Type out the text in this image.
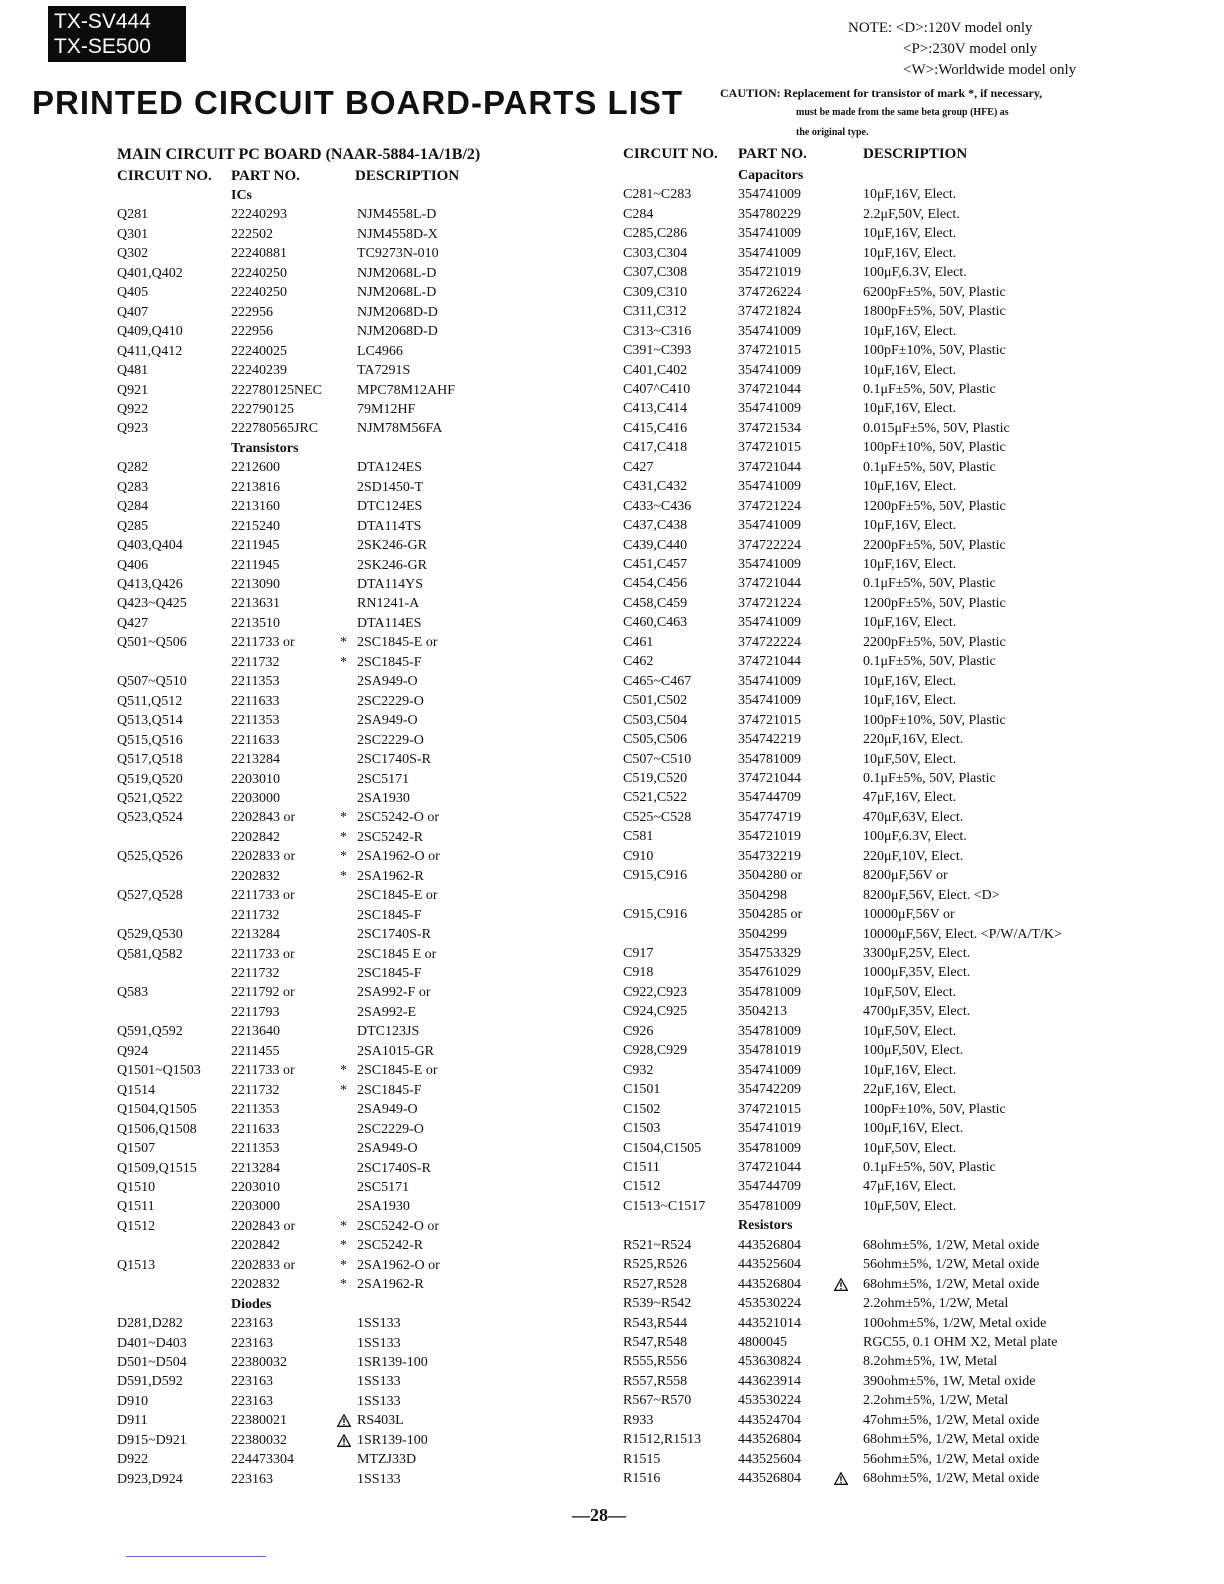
TX-SV444
TX-SE500
PRINTED CIRCUIT BOARD-PARTS LIST
NOTE: <D>:120V model only
<P>:230V model only
<W>:Worldwide model only
CAUTION: Replacement for transistor of mark *, if necessary,
must be made from the same beta group (HFE) as
the original type.
MAIN CIRCUIT PC BOARD (NAAR-5884-1A/1B/2)
CIRCUIT NO. PART NO.	DESCRIPTION
CIRCUIT NO. PART NO.	DESCRIPTION
ICs
Q281	22240293	NJM4558L-D
Q301	222502	NJM4558D-X
Q302	22240881	TC9273N-010
Q401,Q402	22240250	NJM2068L-D
Q405	22240250	NJM2068L-D
Q407	222956	NJM2068D-D
Q409,Q410	222956	NJM2068D-D
Q411,Q412	22240025	LC4966
Q481	22240239	TA7291S
Q921	222780125NEC	MPC78M12AHF
Q922	222790125	79M12HF
Q923	222780565JRC	NJM78M56FA
Transistors
Q282	2212600	DTA124ES
Q283	2213816	2SD1450-T
Q284	2213160	DTC124ES
Q285	2215240	DTA114TS
Q403,Q404	2211945	2SK246-GR
Q406	2211945	2SK246-GR
Q413,Q426	2213090	DTA114YS
Q423~Q425	2213631	RN1241-A
Q427	2213510	DTA114ES
Q501~Q506	2211733 or	* 2SC1845-E or
2211732	* 2SC1845-F
Q507~Q510	2211353	2SA949-O
Q511,Q512	2211633	2SC2229-O
Q513,Q514	2211353	2SA949-O
Q515,Q516	2211633	2SC2229-O
Q517,Q518	2213284	2SC1740S-R
Q519,Q520	2203010	2SC5171
Q521,Q522	2203000	2SA1930
Q523,Q524	2202843 or	* 2SC5242-O or
2202842	* 2SC5242-R
Q525,Q526	2202833 or	* 2SA1962-O or
2202832	* 2SA1962-R
Q527,Q528	2211733 or	2SC1845-E or
2211732	2SC1845-F
Q529,Q530	2213284	2SC1740S-R
Q581,Q582	2211733 or	2SC1845 E or
2211732	2SC1845-F
Q583	2211792 or	2SA992-F or
2211793	2SA992-E
Q591,Q592	2213640	DTC123JS
Q924	2211455	2SA1015-GR
Q1501~Q1503 2211733 or	* 2SC1845-E or
Q1514	2211732	* 2SC1845-F
Q1504,Q1505 2211353	2SA949-O
Q1506,Q1508 2211633	2SC2229-O
Q1507	2211353	2SA949-O
Q1509,Q1515 2213284	2SC1740S-R
Q1510	2203010	2SC5171
Q1511	2203000	2SA1930
Q1512	2202843 or	* 2SC5242-O or
2202842	* 2SC5242-R
Q1513	2202833 or	* 2SA1962-O or
2202832	* 2SA1962-R
Diodes
D281,D282	223163	1SS133
D401~D403	223163	1SS133
D501~D504	22380032	1SR139-100
D591,D592	223163	1SS133
D910	223163	1SS133
D911	22380021	RS403L
D915~D921	22380032	1SR139-100
D922	224473304	MTZJ33D
D923,D924	223163	1SS133
Capacitors
C281~C283	354741009	10μF,16V, Elect.
C284	354780229	2.2μF,50V, Elect.
C285,C286	354741009	10μF,16V, Elect.
C303,C304	354741009	10μF,16V, Elect.
C307,C308	354721019	100μF,6.3V, Elect.
C309,C310	374726224	6200pF±5%, 50V, Plastic
C311,C312	374721824	1800pF±5%, 50V, Plastic
C313~C316	354741009	10μF,16V, Elect.
C391~C393	374721015	100pF±10%, 50V, Plastic
C401,C402	354741009	10μF,16V, Elect.
C407^C410	374721044	0.1μF±5%, 50V, Plastic
C413,C414	354741009	10μF,16V, Elect.
C415,C416	374721534	0.015μF±5%, 50V, Plastic
C417,C418	374721015	100pF±10%, 50V, Plastic
C427	374721044	0.1μF±5%, 50V, Plastic
C431,C432	354741009	10μF,16V, Elect.
C433~C436	374721224	1200pF±5%, 50V, Plastic
C437,C438	354741009	10μF,16V, Elect.
C439,C440	374722224	2200pF±5%, 50V, Plastic
C451,C457	354741009	10μF,16V, Elect.
C454,C456	374721044	0.1μF±5%, 50V, Plastic
C458,C459	374721224	1200pF±5%, 50V, Plastic
C460,C463	354741009	10μF,16V, Elect.
C461	374722224	2200pF±5%, 50V, Plastic
C462	374721044	0.1μF±5%, 50V, Plastic
C465~C467	354741009	10μF,16V, Elect.
C501,C502	354741009	10μF,16V, Elect.
C503,C504	374721015	100pF±10%, 50V, Plastic
C505,C506	354742219	220μF,16V, Elect.
C507~C510	354781009	10μF,50V, Elect.
C519,C520	374721044	0.1μF±5%, 50V, Plastic
C521,C522	354744709	47μF,16V, Elect.
C525~C528	354774719	470μF,63V, Elect.
C581	354721019	100μF,6.3V, Elect.
C910	354732219	220μF,10V, Elect.
C915,C916	3504280 or	8200μF,56V or
3504298	8200μF,56V, Elect. <D>
C915,C916	3504285 or	10000μF,56V or
3504299	10000μF,56V, Elect. <P/W/A/T/K>
C917	354753329	3300μF,25V, Elect.
C918	354761029	1000μF,35V, Elect.
C922,C923	354781009	10μF,50V, Elect.
C924,C925	3504213	4700μF,35V, Elect.
C926	354781009	10μF,50V, Elect.
C928,C929	354781019	100μF,50V, Elect.
C932	354741009	10μF,16V, Elect.
C1501	354742209	22μF,16V, Elect.
C1502	374721015	100pF±10%, 50V, Plastic
C1503	354741019	100μF,16V, Elect.
C1504,C1505	354781009	10μF,50V, Elect.
C1511	374721044	0.1μF±5%, 50V, Plastic
C1512	354744709	47μF,16V, Elect.
C1513~C1517 354781009	10μF,50V, Elect.
Resistors
R521~R524	443526804	68ohm±5%, 1/2W, Metal oxide
R525,R526	443525604	56ohm±5%, 1/2W, Metal oxide
R527,R528	443526804	68ohm±5%, 1/2W, Metal oxide
R539~R542	453530224	2.2ohm±5%, 1/2W, Metal
R543,R544	443521014	100ohm±5%, 1/2W, Metal oxide
R547,R548	4800045	RGC55, 0.1 OHM X2, Metal plate
R555,R556	453630824	8.2ohm±5%, 1W, Metal
R557,R558	443623914	390ohm±5%, 1W, Metal oxide
R567~R570	453530224	2.2ohm±5%, 1/2W, Metal
R933	443524704	47ohm±5%, 1/2W, Metal oxide
R1512,R1513	443526804	68ohm±5%, 1/2W, Metal oxide
R1515	443525604	56ohm±5%, 1/2W, Metal oxide
R1516	443526804	68ohm±5%, 1/2W, Metal oxide
—28—
